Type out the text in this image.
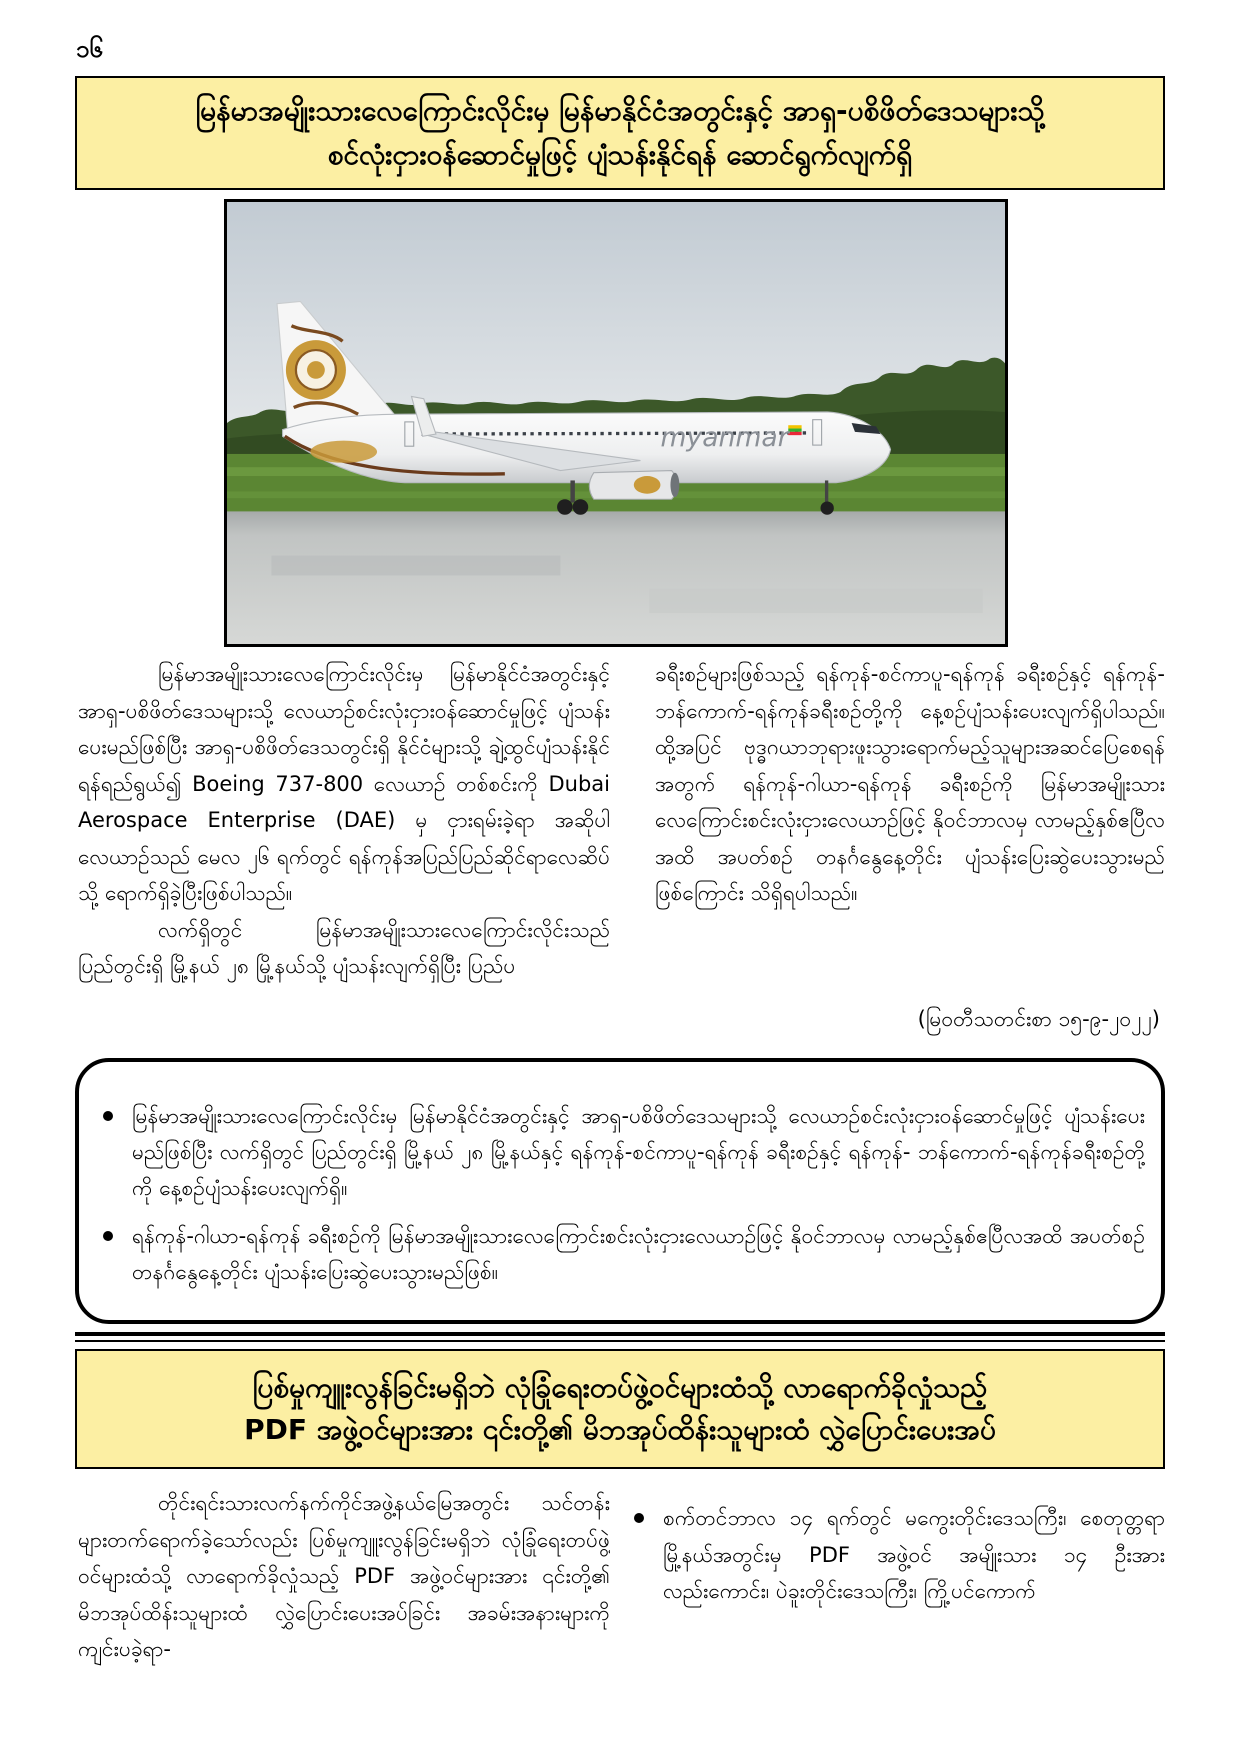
၁၆
မြန်မာအမျိုးသားလေကြောင်းလိုင်းမှ မြန်မာနိုင်ငံအတွင်းနှင့် အာရှ-ပစိဖိတ်ဒေသများသို့
စင်လုံးငှားဝန်ဆောင်မှုဖြင့် ပျံသန်းနိုင်ရန် ဆောင်ရွက်လျက်ရှိ
myanmar

မြန်မာအမျိုးသားလေကြောင်းလိုင်းမှ မြန်မာနိုင်ငံအတွင်းနှင့် အာရှ-ပစိဖိတ်ဒေသများသို့ လေယာဉ်စင်းလုံးငှားဝန်ဆောင်မှုဖြင့် ပျံသန်းပေးမည်ဖြစ်ပြီး အာရှ-ပစိဖိတ်ဒေသတွင်းရှိ နိုင်ငံများသို့ ချဲ့ထွင်ပျံသန်းနိုင်ရန်ရည်ရွယ်၍ Boeing 737-800 လေယာဉ် တစ်စင်းကို Dubai Aerospace Enterprise (DAE) မှ ငှားရမ်းခဲ့ရာ အဆိုပါလေယာဉ်သည် မေလ ၂၆ ရက်တွင် ရန်ကုန်အပြည်ပြည်ဆိုင်ရာလေဆိပ်သို့ ရောက်ရှိခဲ့ပြီးဖြစ်ပါသည်။

လက်ရှိတွင် မြန်မာအမျိုးသားလေကြောင်းလိုင်းသည် ပြည်တွင်းရှိ မြို့နယ် ၂၈ မြို့နယ်သို့ ပျံသန်းလျက်ရှိပြီး ပြည်ပ

ခရီးစဉ်များဖြစ်သည့် ရန်ကုန်-စင်ကာပူ-ရန်ကုန် ခရီးစဉ်နှင့် ရန်ကုန်-ဘန်ကောက်-ရန်ကုန်ခရီးစဉ်တို့ကို နေ့စဉ်ပျံသန်းပေးလျက်ရှိပါသည်။ ထို့အပြင် ဗုဒ္ဓဂယာဘုရားဖူးသွားရောက်မည့်သူများအဆင်ပြေစေရန်အတွက် ရန်ကုန်-ဂါယာ-ရန်ကုန် ခရီးစဉ်ကို မြန်မာအမျိုးသားလေကြောင်းစင်းလုံးငှားလေယာဉ်ဖြင့် နိုဝင်ဘာလမှ လာမည့်နှစ်ဧပြီလအထိ အပတ်စဉ် တနင်္ဂနွေနေ့တိုင်း ပျံသန်းပြေးဆွဲပေးသွားမည်ဖြစ်ကြောင်း သိရှိရပါသည်။

(မြဝတီသတင်းစာ ၁၅-၉-၂၀၂၂)
မြန်မာအမျိုးသားလေကြောင်းလိုင်းမှ မြန်မာနိုင်ငံအတွင်းနှင့် အာရှ-ပစိဖိတ်ဒေသများသို့ လေယာဉ်စင်းလုံးငှားဝန်ဆောင်မှုဖြင့် ပျံသန်းပေးမည်ဖြစ်ပြီး လက်ရှိတွင် ပြည်တွင်းရှိ မြို့နယ် ၂၈ မြို့နယ်နှင့် ရန်ကုန်-စင်ကာပူ-ရန်ကုန် ခရီးစဉ်နှင့် ရန်ကုန်- ဘန်ကောက်-ရန်ကုန်ခရီးစဉ်တို့ကို နေ့စဉ်ပျံသန်းပေးလျက်ရှိ။
ရန်ကုန်-ဂါယာ-ရန်ကုန် ခရီးစဉ်ကို မြန်မာအမျိုးသားလေကြောင်းစင်းလုံးငှားလေယာဉ်ဖြင့် နိုဝင်ဘာလမှ လာမည့်နှစ်ဧပြီလအထိ အပတ်စဉ် တနင်္ဂနွေနေ့တိုင်း ပျံသန်းပြေးဆွဲပေးသွားမည်ဖြစ်။
ပြစ်မှုကျူးလွန်ခြင်းမရှိဘဲ လုံခြုံရေးတပ်ဖွဲ့ဝင်များထံသို့ လာရောက်ခိုလှုံသည့်
PDF အဖွဲ့ဝင်များအား ၎င်းတို့၏ မိဘအုပ်ထိန်းသူများထံ လွှဲပြောင်းပေးအပ်

တိုင်းရင်းသားလက်နက်ကိုင်အဖွဲ့နယ်မြေအတွင်း သင်တန်းများတက်ရောက်ခဲ့သော်လည်း ပြစ်မှုကျူးလွန်ခြင်းမရှိဘဲ လုံခြုံရေးတပ်ဖွဲ့ဝင်များထံသို့ လာရောက်ခိုလှုံသည့် PDF အဖွဲ့ဝင်များအား ၎င်းတို့၏ မိဘအုပ်ထိန်းသူများထံ လွှဲပြောင်းပေးအပ်ခြင်း အခမ်းအနားများကို ကျင်းပခဲ့ရာ-

စက်တင်ဘာလ ၁၄ ရက်တွင် မကွေးတိုင်းဒေသကြီး၊ စေတုတ္တရာမြို့နယ်အတွင်းမှ PDF အဖွဲ့ဝင် အမျိုးသား ၁၄ ဦးအားလည်းကောင်း၊ ပဲခူးတိုင်းဒေသကြီး၊ ကြို့ပင်ကောက်
